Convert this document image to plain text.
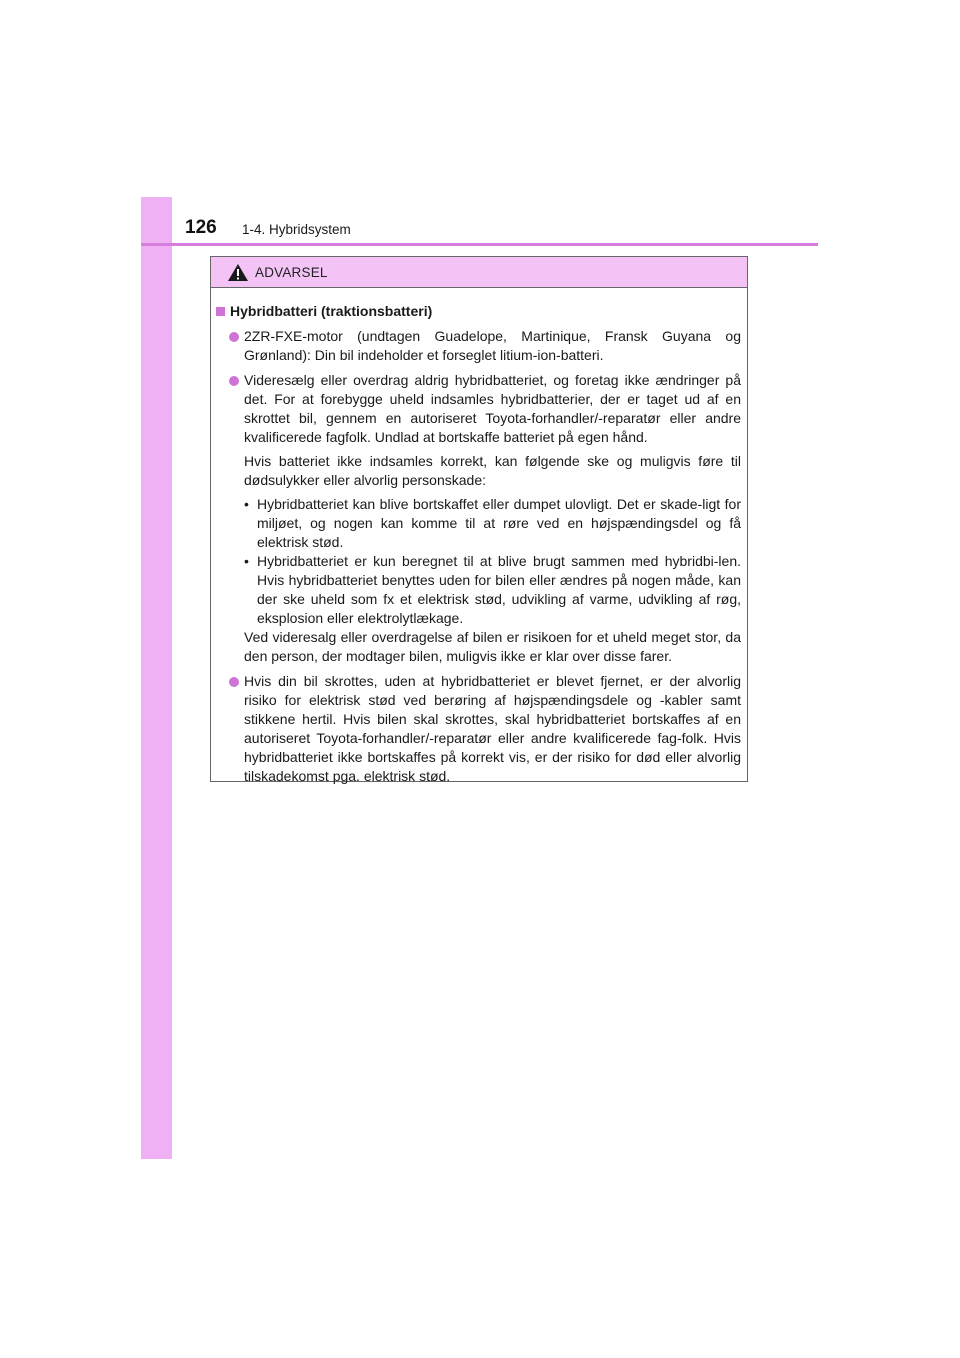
126 1-4. Hybridsystem
ADVARSEL
Hybridbatteri (traktionsbatteri)

2ZR-FXE-motor (undtagen Guadelope, Martinique, Fransk Guyana og Grønland): Din bil indeholder et forseglet litium-ion-batteri.

Videresælg eller overdrag aldrig hybridbatteriet, og foretag ikke ændringer på det. For at forebygge uheld indsamles hybridbatterier, der er taget ud af en skrottet bil, gennem en autoriseret Toyota-forhandler/-reparatør eller andre kvalificerede fagfolk. Undlad at bortskaffe batteriet på egen hånd.

Hvis batteriet ikke indsamles korrekt, kan følgende ske og muligvis føre til dødsulykker eller alvorlig personskade:

• Hybridbatteriet kan blive bortskaffet eller dumpet ulovligt. Det er skade-ligt for miljøet, og nogen kan komme til at røre ved en højspændingsdel og få elektrisk stød.

• Hybridbatteriet er kun beregnet til at blive brugt sammen med hybridbi-len. Hvis hybridbatteriet benyttes uden for bilen eller ændres på nogen måde, kan der ske uheld som fx et elektrisk stød, udvikling af varme, udvikling af røg, eksplosion eller elektrolytlækage.

Ved videresalg eller overdragelse af bilen er risikoen for et uheld meget stor, da den person, der modtager bilen, muligvis ikke er klar over disse farer.

Hvis din bil skrottes, uden at hybridbatteriet er blevet fjernet, er der alvorlig risiko for elektrisk stød ved berøring af højspændingsdele og -kabler samt stikkene hertil. Hvis bilen skal skrottes, skal hybridbatteriet bortskaffes af en autoriseret Toyota-forhandler/-reparatør eller andre kvalificerede fag-folk. Hvis hybridbatteriet ikke bortskaffes på korrekt vis, er der risiko for død eller alvorlig tilskadekomst pga. elektrisk stød.
